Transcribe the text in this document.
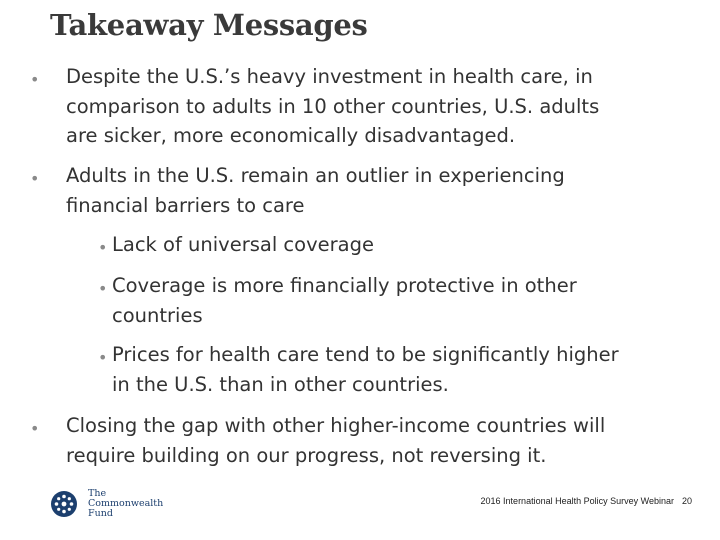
Takeaway Messages
• Despite the U.S.’s heavy investment in health care, in
comparison to adults in 10 other countries, U.S. adults
are sicker, more economically disadvantaged.
• Adults in the U.S. remain an outlier in experiencing
financial barriers to care
• Lack of universal coverage
• Coverage is more financially protective in other
countries
• Prices for health care tend to be significantly higher
in the U.S. than in other countries.
• Closing the gap with other higher-income countries will
require building on our progress, not reversing it.
The
Commonwealth
Fund
2016 International Health Policy Survey Webinar 20
